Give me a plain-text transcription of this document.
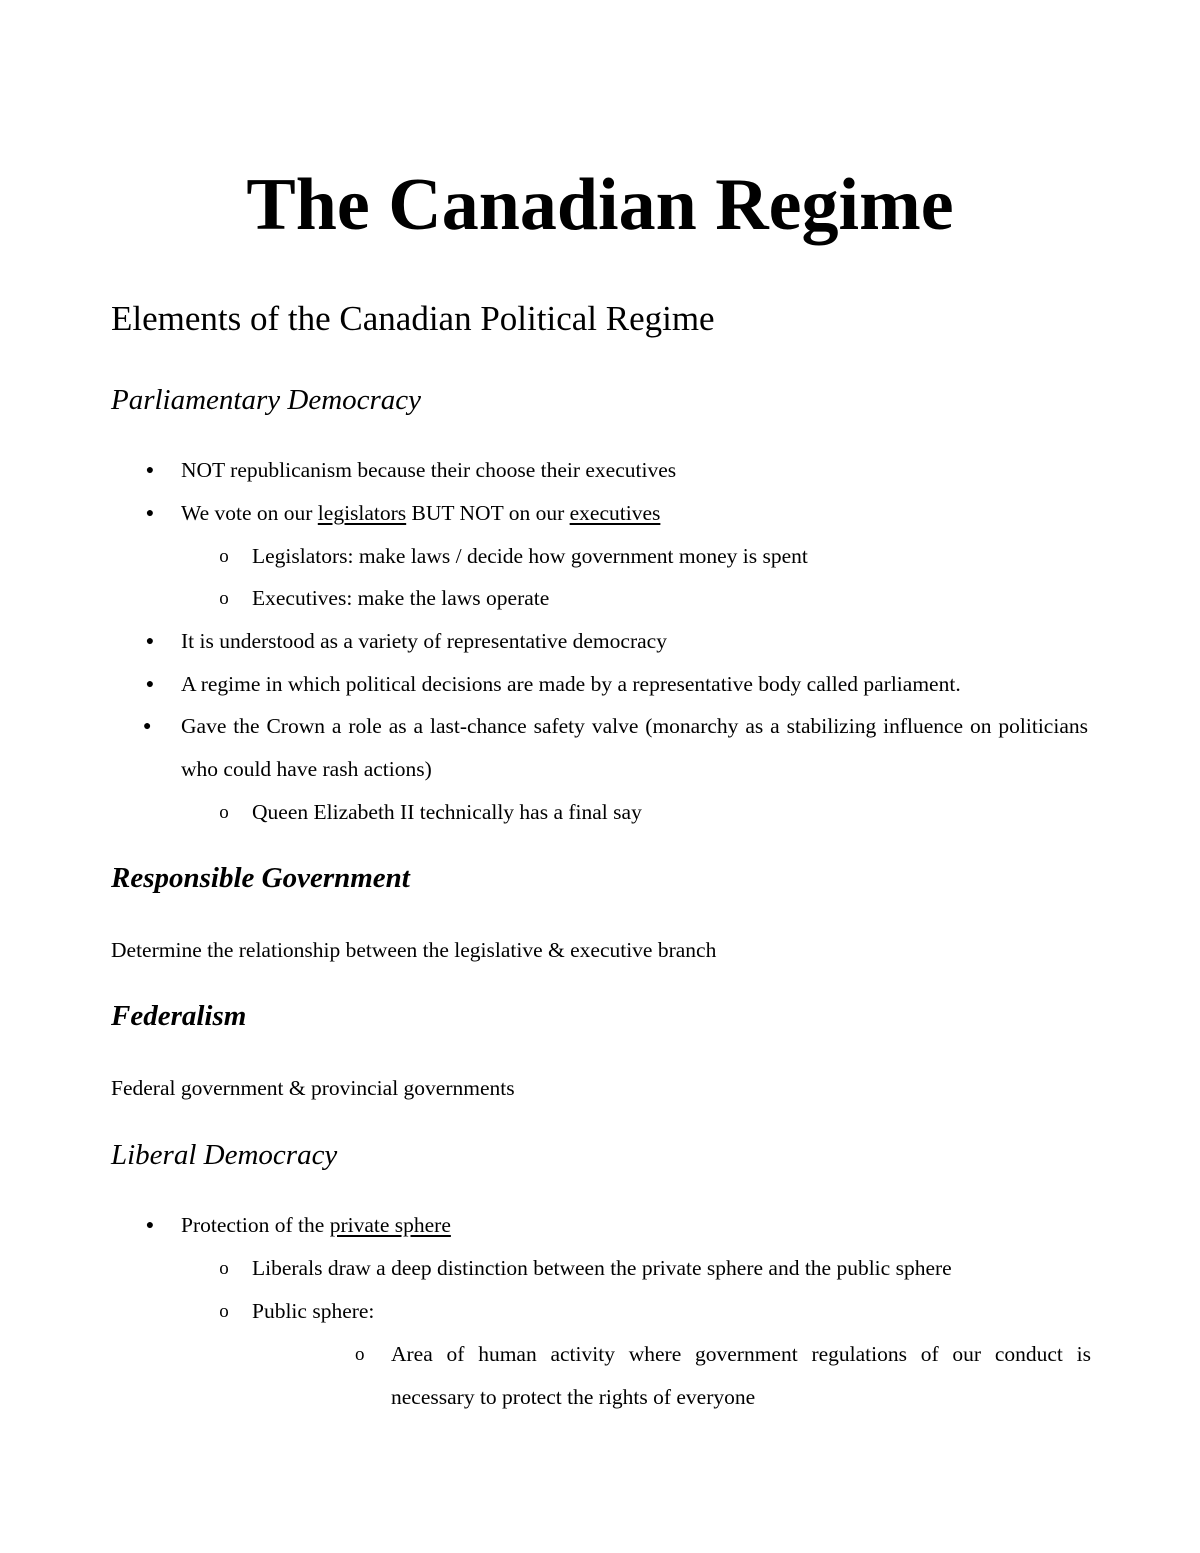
The Canadian Regime
Elements of the Canadian Political Regime
Parliamentary Democracy
● NOT republicanism because their choose their executives
● We vote on our legislators BUT NOT on our executives
o Legislators: make laws / decide how government money is spent
o Executives: make the laws operate
● It is understood as a variety of representative democracy
● A regime in which political decisions are made by a representative body called parliament.
● Gave the Crown a role as a last-chance safety valve (monarchy as a stabilizing influence on politicians who could have rash actions)
o Queen Elizabeth II technically has a final say
Responsible Government

Determine the relationship between the legislative & executive branch

Federalism

Federal government & provincial governments

Liberal Democracy
● Protection of the private sphere
o Liberals draw a deep distinction between the private sphere and the public sphere
o Public sphere:
o	Area of human activity where government regulations of our conduct is necessary to protect the rights of everyone
